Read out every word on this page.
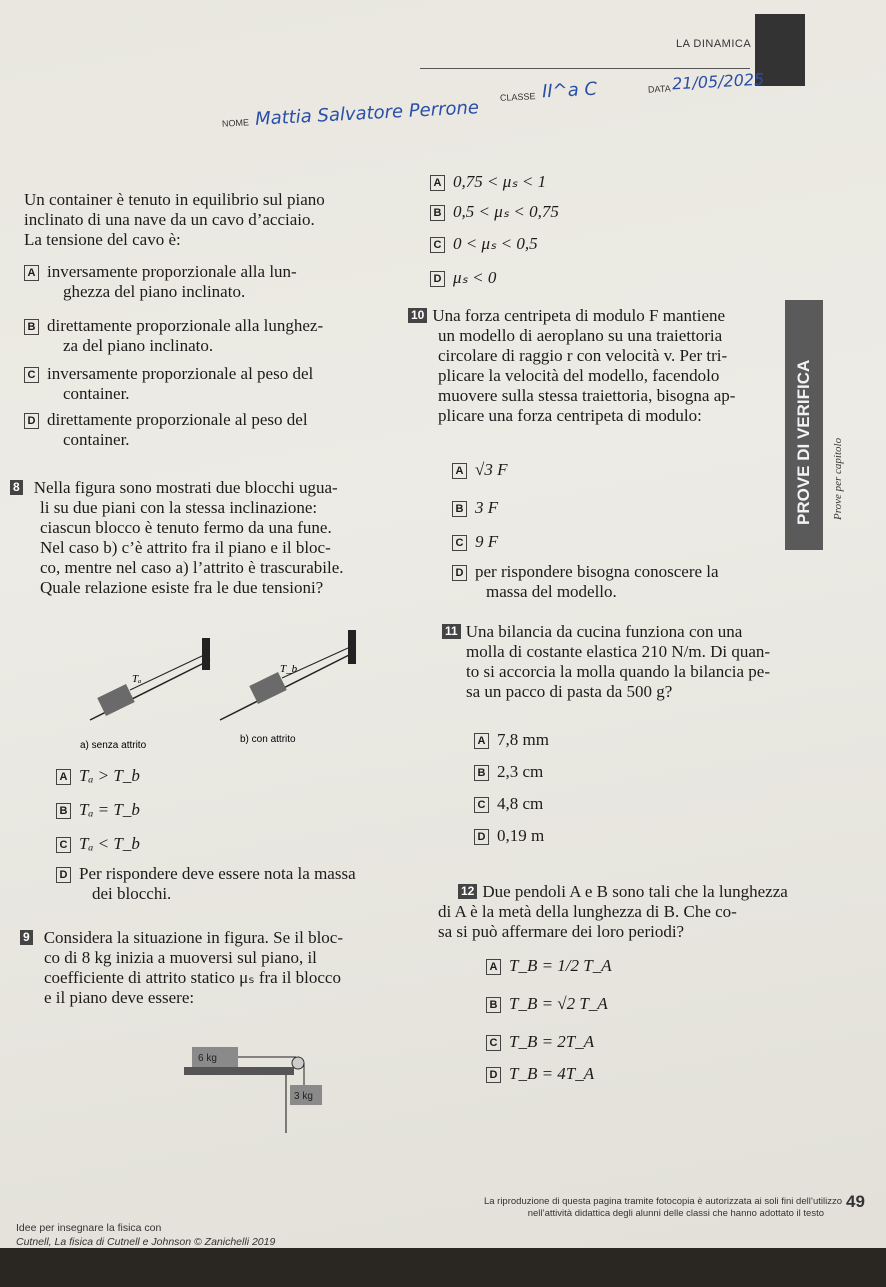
LA DINAMICA
NOME Mattia Salvatore Perrone
CLASSE II^a C	DATA 21/05/2025
PROVE DI VERIFICA Prove per capitolo
Un container è tenuto in equilibrio sul piano
inclinato di una nave da un cavo d’acciaio.
La tensione del cavo è:
A inversamente proporzionale alla lun-
ghezza del piano inclinato.
B direttamente proporzionale alla lunghez-
za del piano inclinato.
C inversamente proporzionale al peso del
container.
D direttamente proporzionale al peso del
container.
A 0,75 < μₛ < 1
B 0,5 < μₛ < 0,75
C 0 < μₛ < 0,5
D μₛ < 0
10 Una forza centripeta di modulo F mantiene
un modello di aeroplano su una traiettoria
circolare di raggio r con velocità v. Per tri-
plicare la velocità del modello, facendolo
muovere sulla stessa traiettoria, bisogna ap-
plicare una forza centripeta di modulo:
A √3 F
B 3 F
C 9 F
D per rispondere bisogna conoscere la
massa del modello.
8 Nella figura sono mostrati due blocchi ugua-
li su due piani con la stessa inclinazione:
ciascun blocco è tenuto fermo da una fune.
Nel caso b) c’è attrito fra il piano e il bloc-
co, mentre nel caso a) l’attrito è trascurabile.
Quale relazione esiste fra le due tensioni?
Tₐ
a) senza attrito
T_b
b) con attrito
A Tₐ > T_b
B Tₐ = T_b
C Tₐ < T_b
D Per rispondere deve essere nota la massa
dei blocchi.
11 Una bilancia da cucina funziona con una
molla di costante elastica 210 N/m. Di quan-
to si accorcia la molla quando la bilancia pe-
sa un pacco di pasta da 500 g?
A 7,8 mm
B 2,3 cm
C 4,8 cm
D 0,19 m
12 Due pendoli A e B sono tali che la lunghezza
di A è la metà della lunghezza di B. Che co-
sa si può affermare dei loro periodi?
A T_B = 1/2 T_A
B T_B = √2 T_A
C T_B = 2T_A
D T_B = 4T_A
9 Considera la situazione in figura. Se il bloc-
co di 8 kg inizia a muoversi sul piano, il
coefficiente di attrito statico μₛ fra il blocco
e il piano deve essere:
6 kg
3 kg
49
La riproduzione di questa pagina tramite fotocopia è autorizzata ai soli fini dell’utilizzo
nell’attività didattica degli alunni delle classi che hanno adottato il testo
Idee per insegnare la fisica con
Cutnell, La fisica di Cutnell e Johnson © Zanichelli 2019
